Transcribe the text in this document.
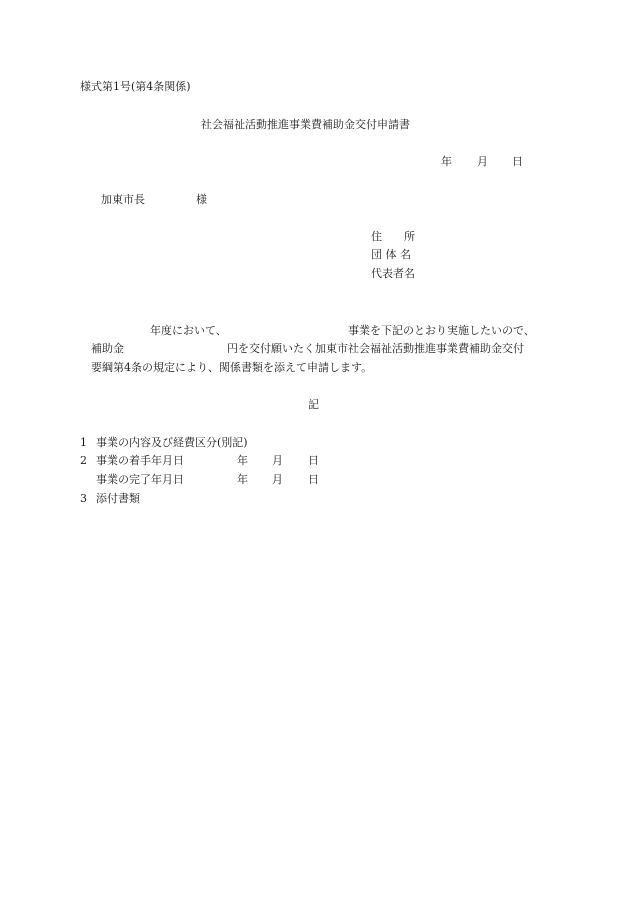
様式第1号(第4条関係)
社会福祉活動推進事業費補助金交付申請書
年 月 日
加東市長	様
住　　所
団 体 名
代表者名
年度において、	事業を下記のとおり実施したいので、
補助金	円を交付願いたく加東市社会福祉活動推進事業費補助金交付
要綱第4条の規定により、関係書類を添えて申請します。
記
1 事業の内容及び経費区分(別記)
2 事業の着手年月日	年 月 日
事業の完了年月日	年 月 日
3 添付書類
